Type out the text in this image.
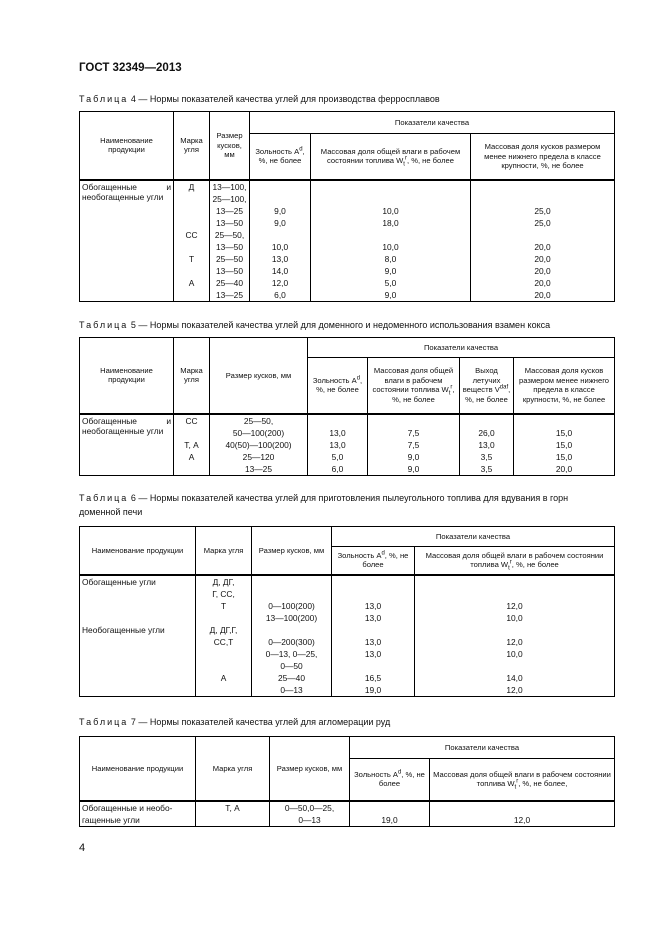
ГОСТ 32349—2013
Таблица 4 — Нормы показателей качества углей для производства ферросплавов
Наименование продукции	Марка угля	Размер кусков, мм	Показатели качества		
			Зольность $A^d$, %, не более	Массовая доля общей влаги в рабочем состоянии топлива $W_t^r$, %, не более	Массовая доля кусков размером менее нижнего предела в классе крупности, %, не более
Обогащенные и необогащенные угли	Д	13—100,			
		25—100,			
		13—25	9,0	10,0	25,0
		13—50	9,0	18,0	25,0
	СС	25—50,			
		13—50	10,0	10,0	20,0
	Т	25—50	13,0	8,0	20,0
		13—50	14,0	9,0	20,0
	А	25—40	12,0	5,0	20,0
		13—25	6,0	9,0	20,0
Таблица 5 — Нормы показателей качества углей для доменного и недоменного использования взамен кокса
Наименование продукции	Марка угля	Размер кусков, мм	Показатели качества			
			Зольность $A^d$, %, не более	Массовая доля общей влаги в рабочем состоянии топлива $W_t^r$, %, не более	Выход летучих веществ $V^{daf}$, %, не более	Массовая доля кусков размером менее нижнего предела в классе крупности, %, не более
Обогащенные и необогащенные угли	СС	25—50,				
		50—100(200)	13,0	7,5	26,0	15,0
	Т, А	40(50)—100(200)	13,0	7,5	13,0	15,0
	А	25—120	5,0	9,0	3,5	15,0
		13—25	6,0	9,0	3,5	20,0
Таблица 6 — Нормы показателей качества углей для приготовления пылеугольного топлива для вдувания в горн доменной печи
Наименование продукции	Марка угля	Размер кусков, мм	Показатели качества	
			Зольность $A^d$, %, не более	Массовая доля общей влаги в рабочем состоянии топлива $W_t^r$, %, не более
Обогащенные угли	Д, ДГ,			
	Г, СС,			
	Т	0—100(200)	13,0	12,0
		13—100(200)	13,0	10,0
Необогащенные угли	Д, ДГ,Г,			
	СС,Т	0—200(300)	13,0	12,0
		0—13, 0—25,	13,0	10,0
		0—50		
	А	25—40	16,5	14,0
		0—13	19,0	12,0
Таблица 7 — Нормы показателей качества углей для агломерации руд
Наименование продукции	Марка угля	Размер кусков, мм	Показатели качества	
			Зольность $A^d$, %, не более	Массовая доля общей влаги в рабочем состоянии топлива $W_t^r$, %, не более,
Обогащенные и необо-	Т, А	0—50,0—25,		
гащенные угли		0—13	19,0	12,0
4
